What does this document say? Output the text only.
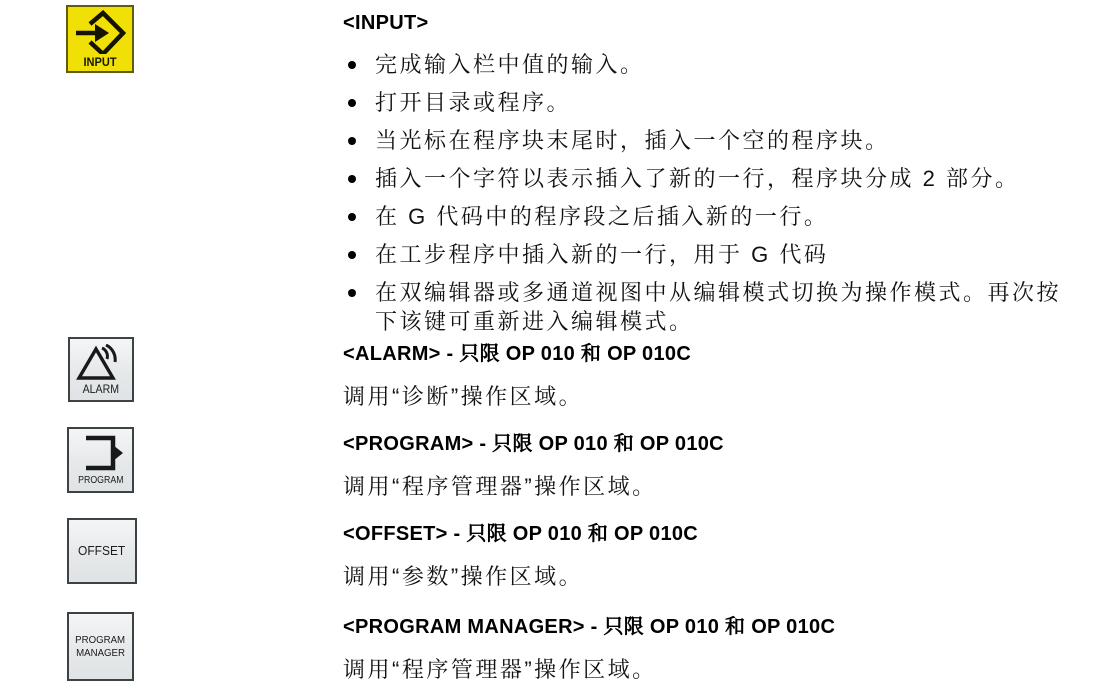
INPUT
ALARM
PROGRAM
OFFSET
PROGRAM
MANAGER
<INPUT>
完成输入栏中值的输入。
打开目录或程序。
当光标在程序块末尾时，插入一个空的程序块。
插入一个字符以表示插入了新的一行，程序块分成 2 部分。
在 G 代码中的程序段之后插入新的一行。
在工步程序中插入新的一行，用于 G 代码
在双编辑器或多通道视图中从编辑模式切换为操作模式。再次按下该键可重新进入编辑模式。
<ALARM> - 只限 OP 010 和 OP 010C

调用“诊断”操作区域。

<PROGRAM> - 只限 OP 010 和 OP 010C

调用“程序管理器”操作区域。

<OFFSET> - 只限 OP 010 和 OP 010C

调用“参数”操作区域。

<PROGRAM MANAGER> - 只限 OP 010 和 OP 010C

调用“程序管理器”操作区域。
